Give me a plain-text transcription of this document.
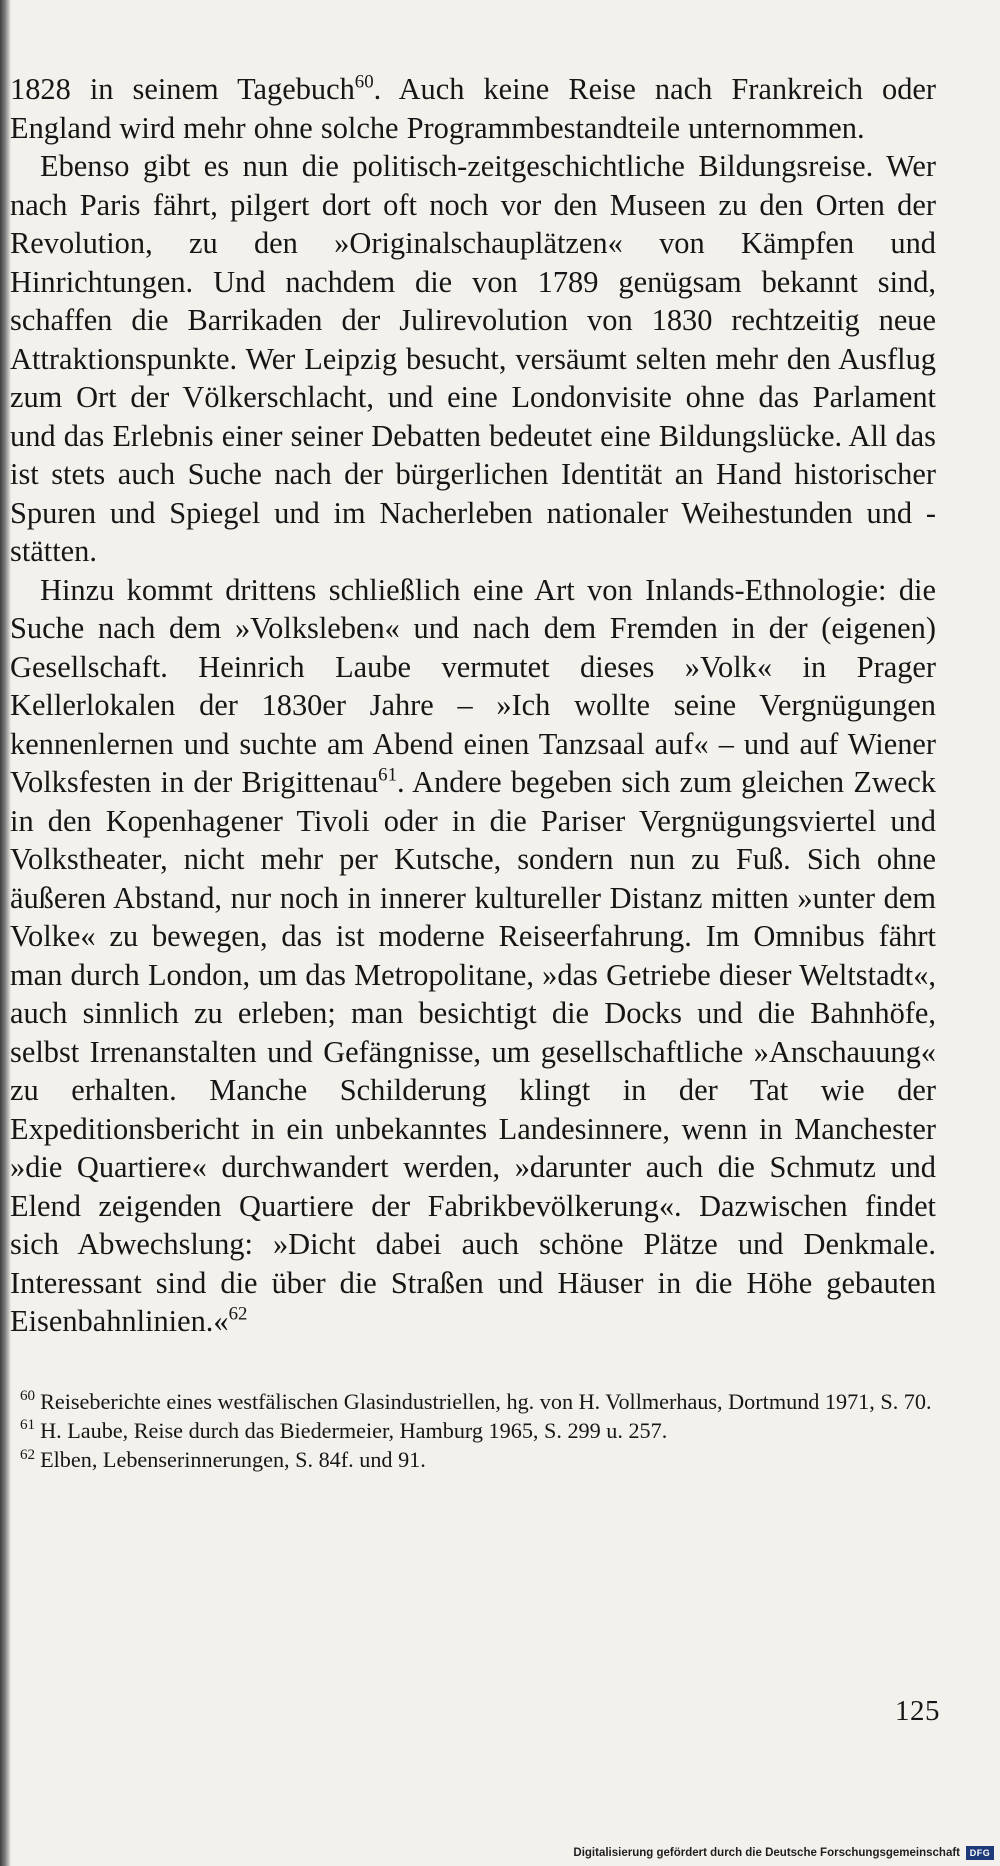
1828 in seinem Tagebuch$^{60}$. Auch keine Reise nach Frankreich oder England wird mehr ohne solche Programmbestandteile unternommen.

Ebenso gibt es nun die politisch-zeitgeschichtliche Bildungsreise. Wer nach Paris fährt, pilgert dort oft noch vor den Museen zu den Orten der Revolution, zu den »Originalschauplätzen« von Kämpfen und Hinrichtungen. Und nachdem die von 1789 genügsam bekannt sind, schaffen die Barrikaden der Julirevolution von 1830 rechtzeitig neue Attraktionspunkte. Wer Leipzig besucht, versäumt selten mehr den Ausflug zum Ort der Völkerschlacht, und eine Londonvisite ohne das Parlament und das Erlebnis einer seiner Debatten bedeutet eine Bildungslücke. All das ist stets auch Suche nach der bürgerlichen Identität an Hand historischer Spuren und Spiegel und im Nacherleben nationaler Weihestunden und -stätten.

Hinzu kommt drittens schließlich eine Art von Inlands-Ethnologie: die Suche nach dem »Volksleben« und nach dem Fremden in der (eigenen) Gesellschaft. Heinrich Laube vermutet dieses »Volk« in Prager Kellerlokalen der 1830er Jahre – »Ich wollte seine Vergnügungen kennenlernen und suchte am Abend einen Tanzsaal auf« – und auf Wiener Volksfesten in der Brigittenau$^{61}$. Andere begeben sich zum gleichen Zweck in den Kopenhagener Tivoli oder in die Pariser Vergnügungsviertel und Volkstheater, nicht mehr per Kutsche, sondern nun zu Fuß. Sich ohne äußeren Abstand, nur noch in innerer kultureller Distanz mitten »unter dem Volke« zu bewegen, das ist moderne Reiseerfahrung. Im Omnibus fährt man durch London, um das Metropolitane, »das Getriebe dieser Weltstadt«, auch sinnlich zu erleben; man besichtigt die Docks und die Bahnhöfe, selbst Irrenanstalten und Gefängnisse, um gesellschaftliche »Anschauung« zu erhalten. Manche Schilderung klingt in der Tat wie der Expeditionsbericht in ein unbekanntes Landesinnere, wenn in Manchester »die Quartiere« durchwandert werden, »darunter auch die Schmutz und Elend zeigenden Quartiere der Fabrikbevölkerung«. Dazwischen findet sich Abwechslung: »Dicht dabei auch schöne Plätze und Denkmale. Interessant sind die über die Straßen und Häuser in die Höhe gebauten Eisenbahnlinien.«$^{62}$

$^{60}$ Reiseberichte eines westfälischen Glasindustriellen, hg. von H. Vollmerhaus, Dortmund 1971, S. 70.

$^{61}$ H. Laube, Reise durch das Biedermeier, Hamburg 1965, S. 299 u. 257.

$^{62}$ Elben, Lebenserinnerungen, S. 84f. und 91.

125
Digitalisierung gefördert durch die Deutsche Forschungsgemeinschaft	DFG
